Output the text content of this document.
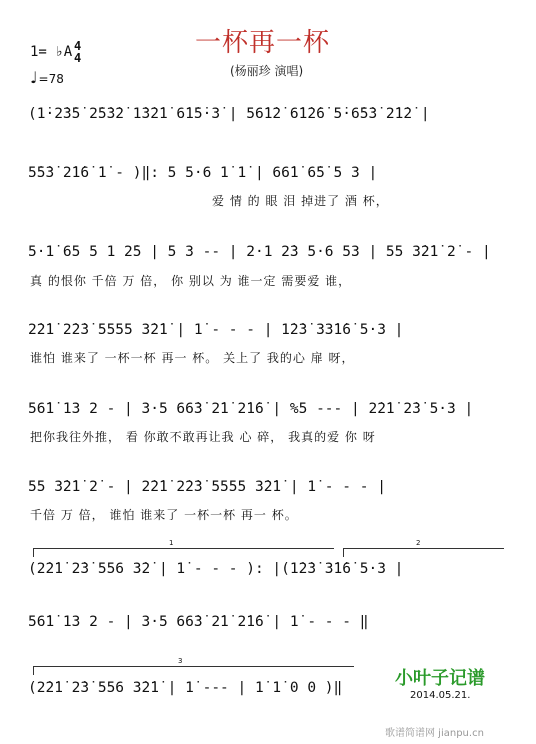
一杯再一杯
(杨丽珍 演唱)
1= ♭A 4
4
♩=78
(1̇·2̇3̇5̇ 2̇5̇3̇2̇ 1̇3̇2̇1̇ 6̇1̇5̇·3̇ | 56̇1̇2̇ 6̇1̇2̇6̇ 5̇·6̇5̇3̇ 2̇1̇2̇ |
5̇5̇3̇ 2̇1̇6̇ 1̇ - )‖: 5 5·6 1̇ 1̇ | 66̇1̇ 6̇5̇ 5 3 |
爱 情 的 眼 泪 掉进了 酒 杯，
5·1̇ 65 5 1 2̇5 | 5 3 -- | 2·1 2̇3 5·6 53 | 55 3̇2̇1̇ 2̇ - |
真 的恨你 千倍 万 倍， 你 别以 为 谁一定 需要爱 谁，
2̇2̇1̇ 2̇2̇3̇ 5555 3̇2̇1̇ | 1̇ - - - | 1̇2̇3̇ 33̇1̇6̇ 5·3 |
谁怕 谁来了 一杯一杯 再一 杯。 关上了 我的心 扉 呀，
56̇1̇ 13 2 - | 3·5 66̇3̇ 2̇1̇ 2̇1̇6̇ | %5 --- | 2̇2̇1̇ 2̇3̇ 5·3 |
把你我往外推， 看 你敢不敢再让我 心 碎， 我真的爱 你 呀
55 3̇2̇1̇ 2̇ - | 2̇2̇1̇ 2̇2̇3̇ 5555 3̇2̇1̇ | 1̇ - - - |
千倍 万 倍， 谁怕 谁来了 一杯一杯 再一 杯。
1	2
(2̇2̇1̇ 2̇3̇ 556 3̇2̇ | 1̇ - - - ): |(1̇2̇3̇ 3̇1̇6̇ 5·3 |
56̇1̇ 13 2 - | 3·5 66̇3̇ 2̇1̇ 2̇1̇6̇ | 1̇ - - - ‖
3
(2̇2̇1̇ 2̇3̇ 556 3̇2̇1̇ | 1̇ --- | 1̇ 1̇ 0 0 )‖	小叶子记谱
2014.05.21.
歌谱简谱网 jianpu.cn
